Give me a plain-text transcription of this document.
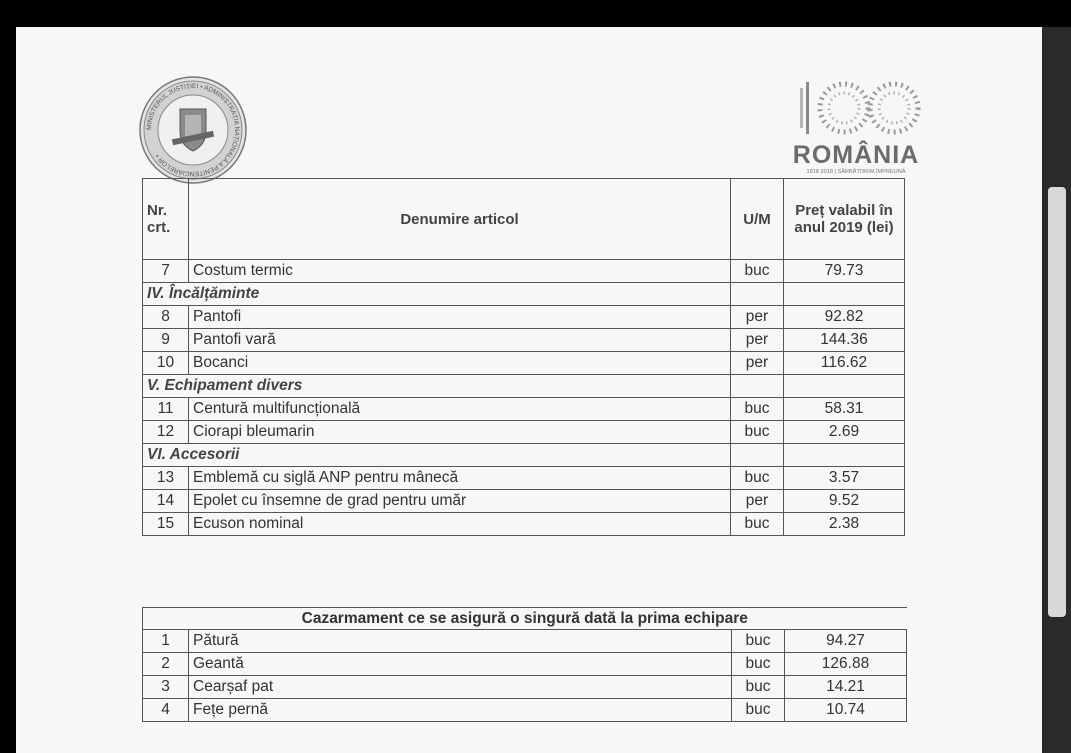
MINISTERUL JUSTIȚIEI • ADMINISTRAȚIA NAȚIONALĂ A PENITENCIARELOR •	ROMÂNIA
1918 2018 | SĂRBĂTORIM ÎMPREUNĂ
Nr. crt.	Denumire articol	U/M	Preț valabil în anul 2019 (lei)
7	Costum termic	buc	79.73
IV. Încălțăminte			
8	Pantofi	per	92.82
9	Pantofi vară	per	144.36
10	Bocanci	per	116.62
V. Echipament divers			
11	Centură multifuncțională	buc	58.31
12	Ciorapi bleumarin	buc	2.69
VI. Accesorii			
13	Emblemă cu siglă ANP pentru mânecă	buc	3.57
14	Epolet cu însemne de grad pentru umăr	per	9.52
15	Ecuson nominal	buc	2.38
Cazarmament ce se asigură o singură dată la prima echipare			
1	Pătură	buc	94.27
2	Geantă	buc	126.88
3	Cearșaf pat	buc	14.21
4	Fețe pernă	buc	10.74
